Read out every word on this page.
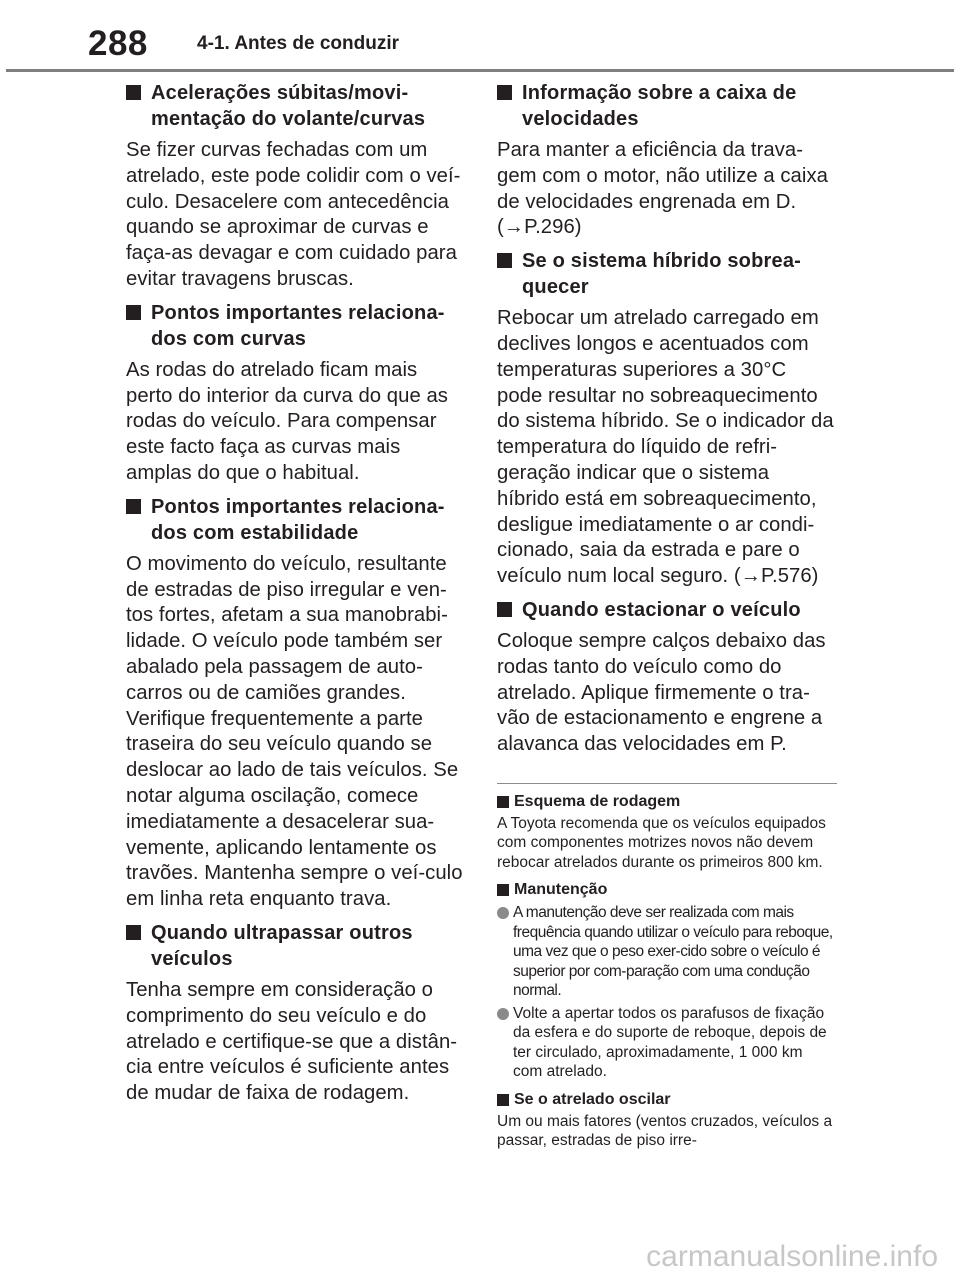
288	4-1. Antes de conduzir
Acelerações súbitas/movi-mentação do volante/curvas
Se fizer curvas fechadas com um atrelado, este pode colidir com o veí-culo. Desacelere com antecedência quando se aproximar de curvas e faça-as devagar e com cuidado para evitar travagens bruscas.
Pontos importantes relaciona-dos com curvas
As rodas do atrelado ficam mais perto do interior da curva do que as rodas do veículo. Para compensar este facto faça as curvas mais amplas do que o habitual.
Pontos importantes relaciona-dos com estabilidade
O movimento do veículo, resultante de estradas de piso irregular e ven-tos fortes, afetam a sua manobrabi-lidade. O veículo pode também ser abalado pela passagem de auto-carros ou de camiões grandes. Verifique frequentemente a parte traseira do seu veículo quando se deslocar ao lado de tais veículos. Se notar alguma oscilação, comece imediatamente a desacelerar sua-vemente, aplicando lentamente os travões. Mantenha sempre o veí-culo em linha reta enquanto trava.
Quando ultrapassar outros veículos
Tenha sempre em consideração o comprimento do seu veículo e do atrelado e certifique-se que a distân-cia entre veículos é suficiente antes de mudar de faixa de rodagem.
Informação sobre a caixa de velocidades
Para manter a eficiência da trava-gem com o motor, não utilize a caixa de velocidades engrenada em D. (→P.296)
Se o sistema híbrido sobrea-quecer
Rebocar um atrelado carregado em declives longos e acentuados com temperaturas superiores a 30°C pode resultar no sobreaquecimento do sistema híbrido. Se o indicador da temperatura do líquido de refri-geração indicar que o sistema híbrido está em sobreaquecimento, desligue imediatamente o ar condi-cionado, saia da estrada e pare o veículo num local seguro. (→P.576)
Quando estacionar o veículo
Coloque sempre calços debaixo das rodas tanto do veículo como do atrelado. Aplique firmemente o tra-vão de estacionamento e engrene a alavanca das velocidades em P.
Esquema de rodagem
A Toyota recomenda que os veículos equipados com componentes motrizes novos não devem rebocar atrelados durante os primeiros 800 km.
Manutenção
A manutenção deve ser realizada com mais frequência quando utilizar o veículo para reboque, uma vez que o peso exer-cido sobre o veículo é superior por com-paração com uma condução normal.
Volte a apertar todos os parafusos de fixação da esfera e do suporte de reboque, depois de ter circulado, aproximadamente, 1 000 km com atrelado.
Se o atrelado oscilar
Um ou mais fatores (ventos cruzados, veículos a passar, estradas de piso irre-
carmanualsonline.info
